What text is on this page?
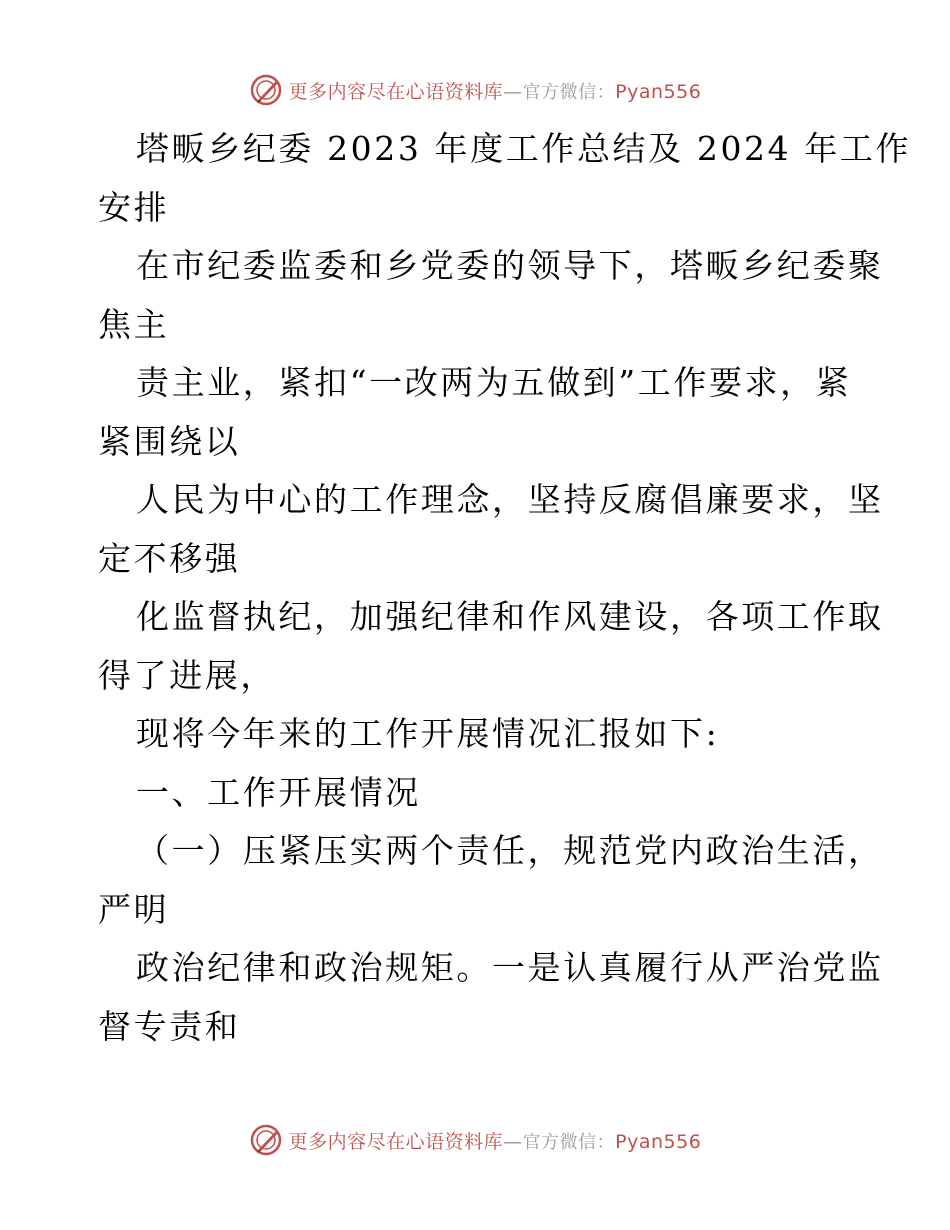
更多内容尽在心语资料库—官方微信：Pyan556
塔畈乡纪委 2023 年度工作总结及 2024 年工作
安排
在市纪委监委和乡党委的领导下，塔畈乡纪委聚
焦主
责主业，紧扣“一改两为五做到”工作要求，紧
紧围绕以
人民为中心的工作理念，坚持反腐倡廉要求，坚
定不移强
化监督执纪，加强纪律和作风建设，各项工作取
得了进展，
现将今年来的工作开展情况汇报如下:
一、工作开展情况
（一）压紧压实两个责任，规范党内政治生活，
严明
政治纪律和政治规矩。一是认真履行从严治党监
督专责和
更多内容尽在心语资料库—官方微信：Pyan556
